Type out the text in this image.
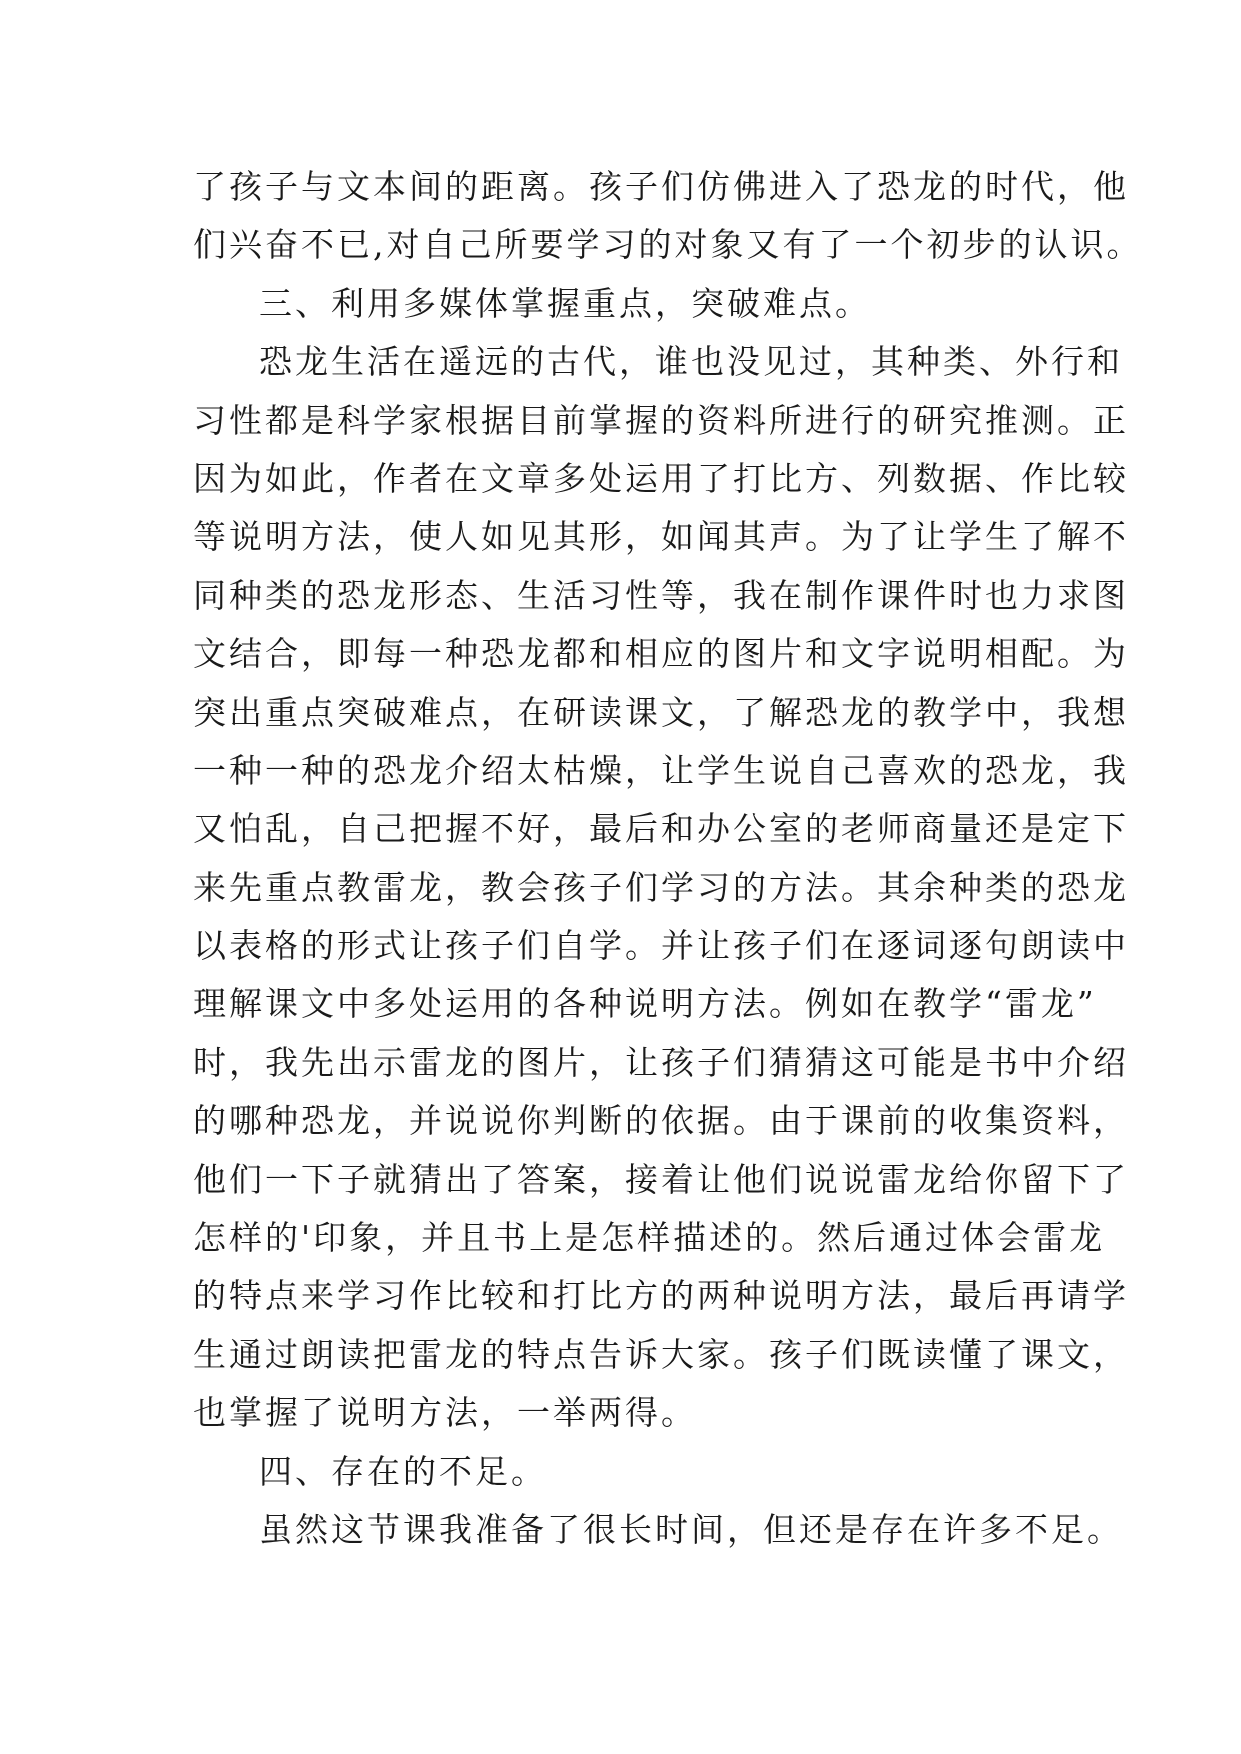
了孩子与文本间的距离。孩子们仿佛进入了恐龙的时代，他
们兴奋不已,对自己所要学习的对象又有了一个初步的认识。
三、利用多媒体掌握重点，突破难点。
恐龙生活在遥远的古代，谁也没见过，其种类、外行和
习性都是科学家根据目前掌握的资料所进行的研究推测。正
因为如此，作者在文章多处运用了打比方、列数据、作比较
等说明方法，使人如见其形，如闻其声。为了让学生了解不
同种类的恐龙形态、生活习性等，我在制作课件时也力求图
文结合，即每一种恐龙都和相应的图片和文字说明相配。为
突出重点突破难点，在研读课文，了解恐龙的教学中，我想
一种一种的恐龙介绍太枯燥，让学生说自己喜欢的恐龙，我
又怕乱，自己把握不好，最后和办公室的老师商量还是定下
来先重点教雷龙，教会孩子们学习的方法。其余种类的恐龙
以表格的形式让孩子们自学。并让孩子们在逐词逐句朗读中
理解课文中多处运用的各种说明方法。例如在教学“雷龙”
时，我先出示雷龙的图片，让孩子们猜猜这可能是书中介绍
的哪种恐龙，并说说你判断的依据。由于课前的收集资料，
他们一下子就猜出了答案，接着让他们说说雷龙给你留下了
怎样的'印象，并且书上是怎样描述的。然后通过体会雷龙
的特点来学习作比较和打比方的两种说明方法，最后再请学
生通过朗读把雷龙的特点告诉大家。孩子们既读懂了课文，
也掌握了说明方法，一举两得。
四、存在的不足。
虽然这节课我准备了很长时间，但还是存在许多不足。
